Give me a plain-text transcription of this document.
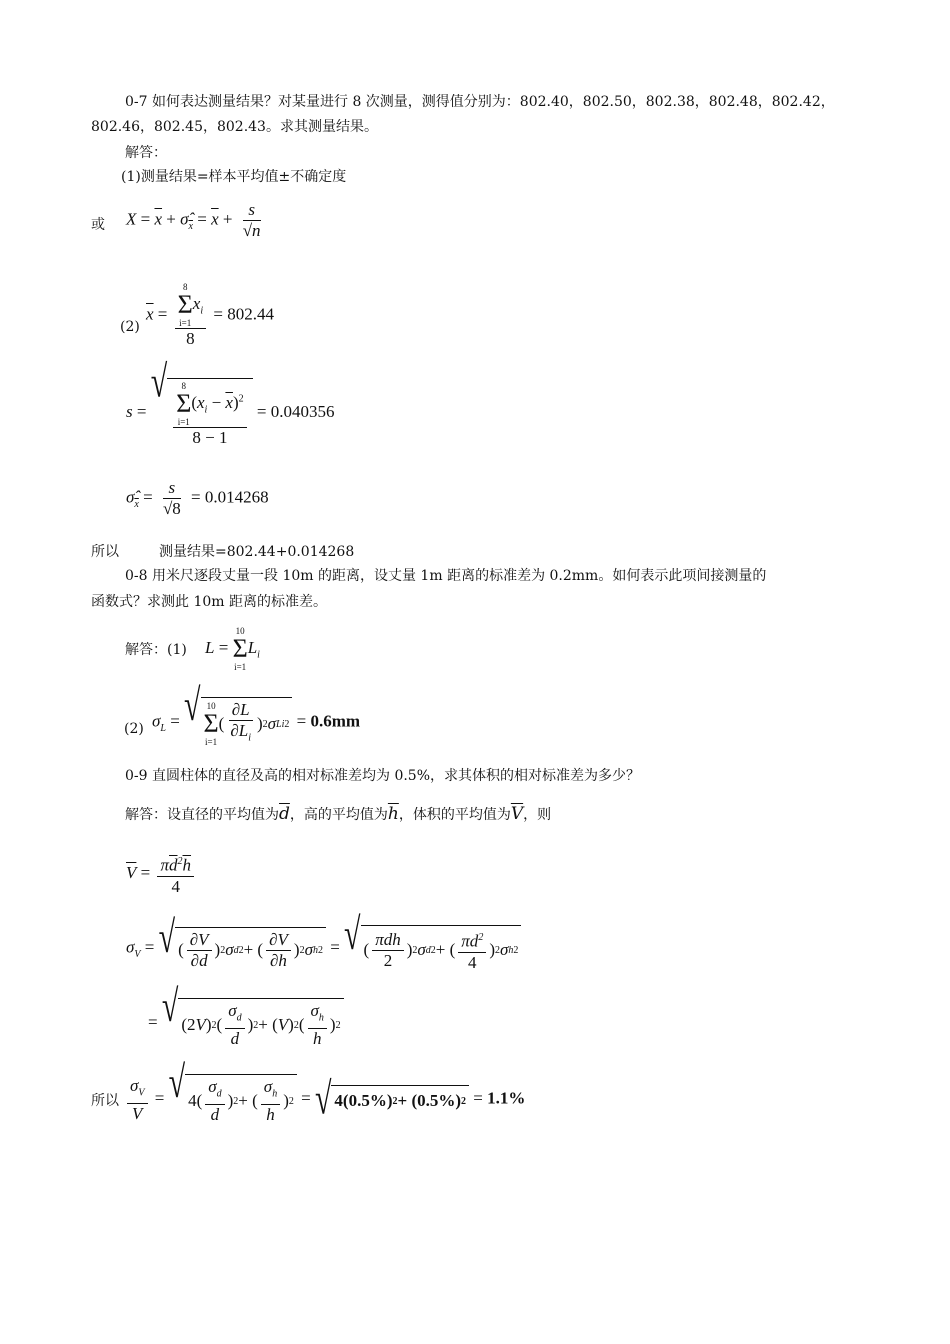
0-7 如何表达测量结果？对某量进行 8 次测量，测得值分别为：802.40，802.50，802.38，802.48，802.42，
802.46，802.45，802.43。求其测量结果。
解答：
(1)测量结果=样本平均值±不确定度
或 $X = \overline{x}$ + $\sigmâ_{\overline{x}} = \overline{x} + \frac{s}{√n}$
(2)
$\overline{x} = 8$
Σ
i=1
$x_i$
8 = 802.44
s =
√ 8
Σ
i=1
$(x_i - \overline{x})^2$
8 − 1 = 0.040356
$\sigmâ_{\overline{x}} = \frac{s}{√8} = 0.014268$
所以	测量结果=802.44+0.014268
0-8 用米尺逐段丈量一段 10m 的距离，设丈量 1m 距离的标准差为 0.2mm。如何表示此项间接测量的
函数式？求测此 10m 距离的标准差。
解答：(1) L =
10
Σ
i=1
$L_i$
(2) $\sigma_L$ = √ 10
Σ
i=1
( $\frac{\partial L}{\partial L_i}$ ) 2 σ Li 2 = 0.6mm
0-9 直圆柱体的直径及高的相对标准差均为 0.5%，求其体积的相对标准差为多少？
解答：设直径的平均值为$\overline{d}$，高的平均值为$\overline{h}$，体积的平均值为$\overline{V}$，则
$\overline{V} = \frac{\pi\overline{d}^2\overline{h}}{4}$
$\sigma_V$ = √ ( $\frac{\partial V}{\partial d}$ ) 2 σ d 2 + ( $\frac{\partial V}{\partial h}$ ) 2 σ h 2 = √ ( $\frac{\text{πdh}}{2}$ ) 2 σ d 2 + ( $\frac{\pi d^2}{4}$ ) 2 σ h 2
= √ (2 V ) 2 ( $\frac{\sigma_d}{d}$ ) 2 + ( V ) 2 ( $\frac{\sigma_h}{h}$ ) 2
所以 $\frac{\sigma_V}{V}$ = √ $4( \frac{\sigma_d}{d}$ ) 2 + ( $\frac{\sigma_h}{h}$ ) 2 = √ 4( 0.5% ) 2 + ( 0.5% ) 2 = 1.1%
